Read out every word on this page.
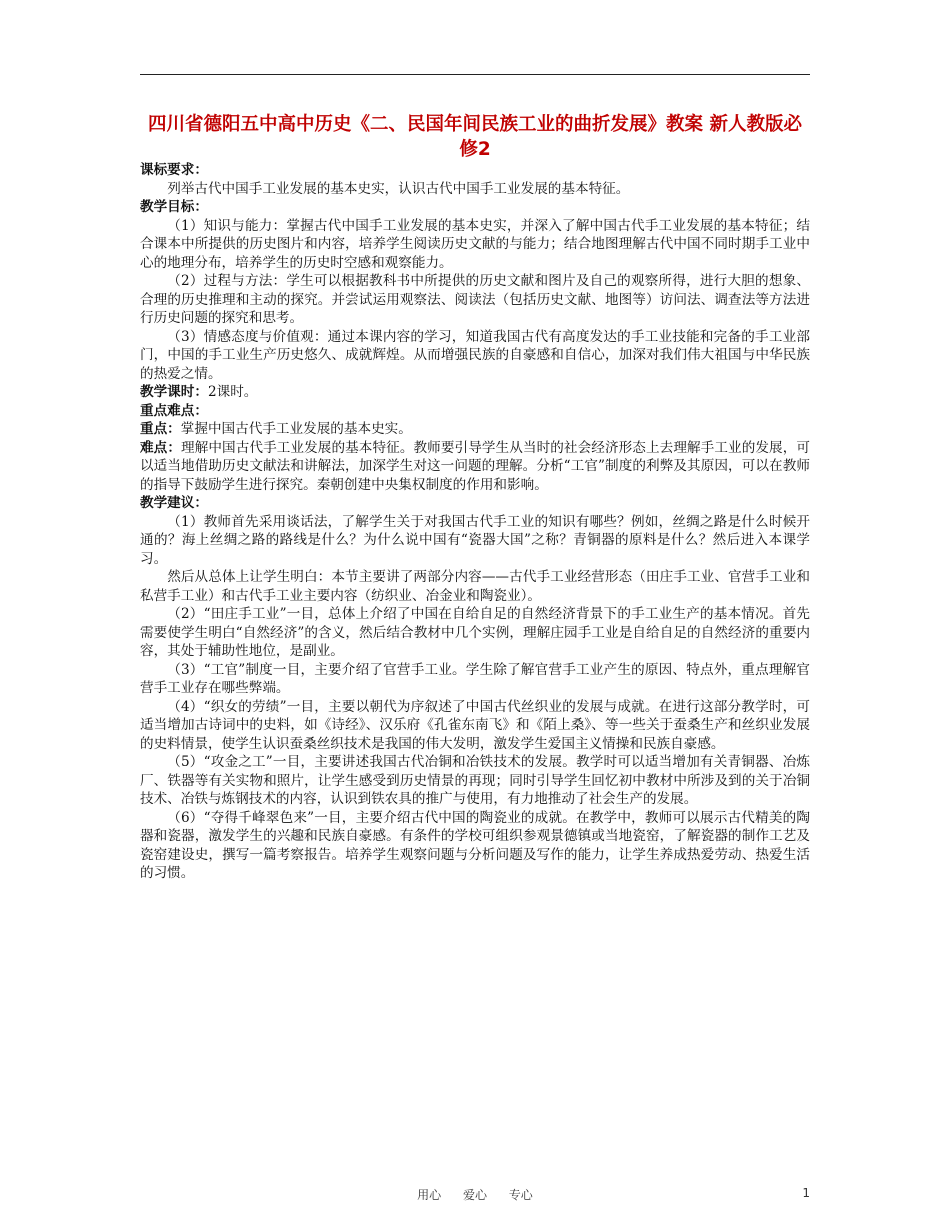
四川省德阳五中高中历史《二、民国年间民族工业的曲折发展》教案 新人教版必修2

课标要求：

列举古代中国手工业发展的基本史实，认识古代中国手工业发展的基本特征。

教学目标：

（1）知识与能力：掌握古代中国手工业发展的基本史实，并深入了解中国古代手工业发展的基本特征；结合课本中所提供的历史图片和内容，培养学生阅读历史文献的与能力；结合地图理解古代中国不同时期手工业中心的地理分布，培养学生的历史时空感和观察能力。

（2）过程与方法：学生可以根据教科书中所提供的历史文献和图片及自己的观察所得，进行大胆的想象、合理的历史推理和主动的探究。并尝试运用观察法、阅读法（包括历史文献、地图等）访问法、调查法等方法进行历史问题的探究和思考。

（3）情感态度与价值观：通过本课内容的学习，知道我国古代有高度发达的手工业技能和完备的手工业部门，中国的手工业生产历史悠久、成就辉煌。从而增强民族的自豪感和自信心，加深对我们伟大祖国与中华民族的热爱之情。

教学课时：2课时。

重点难点：

重点：掌握中国古代手工业发展的基本史实。

难点：理解中国古代手工业发展的基本特征。教师要引导学生从当时的社会经济形态上去理解手工业的发展，可以适当地借助历史文献法和讲解法，加深学生对这一问题的理解。分析“工官”制度的利弊及其原因，可以在教师的指导下鼓励学生进行探究。秦朝创建中央集权制度的作用和影响。

教学建议：

（1）教师首先采用谈话法，了解学生关于对我国古代手工业的知识有哪些？例如，丝绸之路是什么时候开通的？海上丝绸之路的路线是什么？为什么说中国有“瓷器大国”之称？青铜器的原料是什么？然后进入本课学习。

然后从总体上让学生明白：本节主要讲了两部分内容——古代手工业经营形态（田庄手工业、官营手工业和私营手工业）和古代手工业主要内容（纺织业、冶金业和陶瓷业）。

（2）“田庄手工业”一目，总体上介绍了中国在自给自足的自然经济背景下的手工业生产的基本情况。首先需要使学生明白“自然经济”的含义，然后结合教材中几个实例，理解庄园手工业是自给自足的自然经济的重要内容，其处于辅助性地位，是副业。

（3）“工官”制度一目，主要介绍了官营手工业。学生除了解官营手工业产生的原因、特点外，重点理解官营手工业存在哪些弊端。

（4）“织女的劳绩”一目，主要以朝代为序叙述了中国古代丝织业的发展与成就。在进行这部分教学时，可适当增加古诗词中的史料，如《诗经》、汉乐府《孔雀东南飞》和《陌上桑》、等一些关于蚕桑生产和丝织业发展的史料情景，使学生认识蚕桑丝织技术是我国的伟大发明，激发学生爱国主义情操和民族自豪感。

（5）“攻金之工”一目，主要讲述我国古代冶铜和冶铁技术的发展。教学时可以适当增加有关青铜器、冶炼厂、铁器等有关实物和照片，让学生感受到历史情景的再现；同时引导学生回忆初中教材中所涉及到的关于冶铜技术、冶铁与炼钢技术的内容，认识到铁农具的推广与使用，有力地推动了社会生产的发展。

（6）“夺得千峰翠色来”一目，主要介绍古代中国的陶瓷业的成就。在教学中，教师可以展示古代精美的陶器和瓷器，激发学生的兴趣和民族自豪感。有条件的学校可组织参观景德镇或当地瓷窑，了解瓷器的制作工艺及瓷窑建设史，撰写一篇考察报告。培养学生观察问题与分析问题及写作的能力，让学生养成热爱劳动、热爱生活的习惯。

用心 爱心 专心	1
